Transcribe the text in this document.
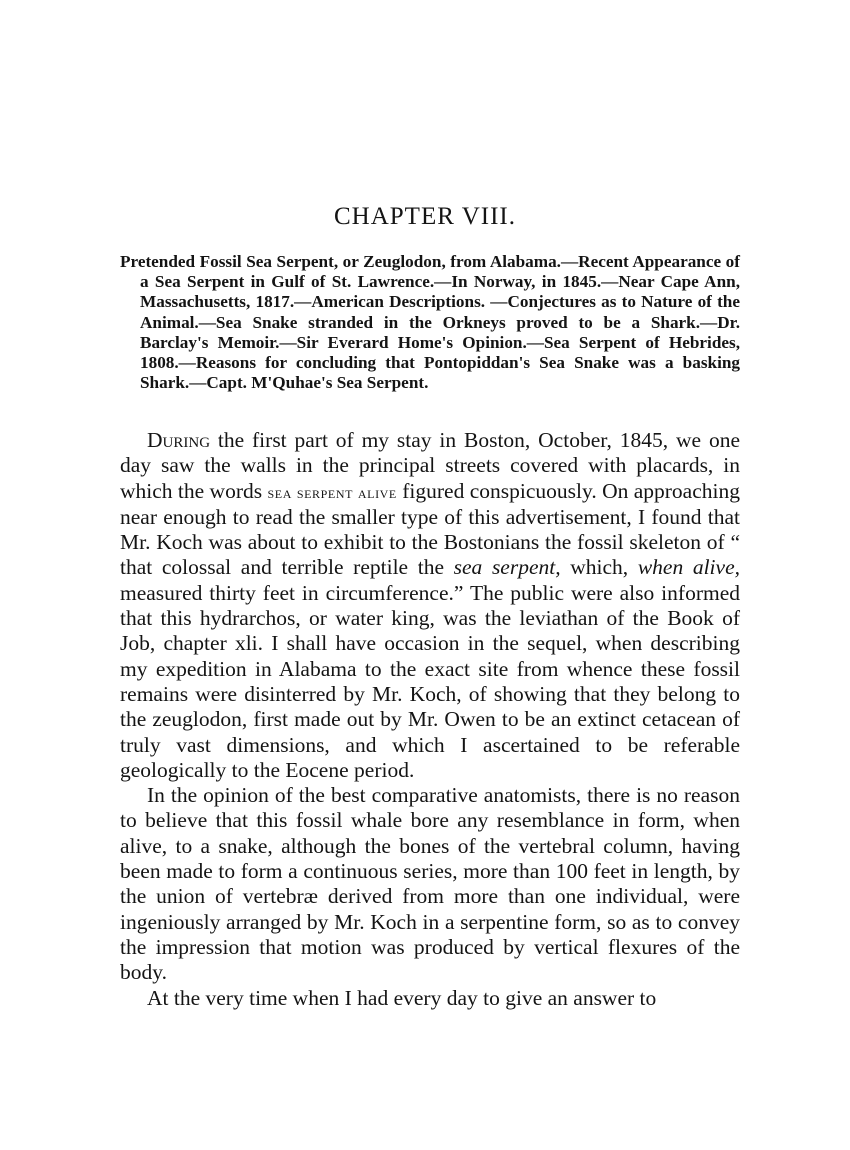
CHAPTER VIII.

Pretended Fossil Sea Serpent, or Zeuglodon, from Alabama.—Recent Appearance of a Sea Serpent in Gulf of St. Lawrence.—In Norway, in 1845.—Near Cape Ann, Massachusetts, 1817.—American Descriptions. —Conjectures as to Nature of the Animal.—Sea Snake stranded in the Orkneys proved to be a Shark.—Dr. Barclay's Memoir.—Sir Everard Home's Opinion.—Sea Serpent of Hebrides, 1808.—Reasons for concluding that Pontopiddan's Sea Snake was a basking Shark.—Capt. M'Quhae's Sea Serpent.

During the first part of my stay in Boston, October, 1845, we one day saw the walls in the principal streets covered with placards, in which the words sea serpent alive figured conspicuously. On approaching near enough to read the smaller type of this advertisement, I found that Mr. Koch was about to exhibit to the Bostonians the fossil skeleton of “ that colossal and terrible reptile the sea serpent, which, when alive, measured thirty feet in circumference.” The public were also informed that this hydrarchos, or water king, was the leviathan of the Book of Job, chapter xli. I shall have occasion in the sequel, when describing my expedition in Alabama to the exact site from whence these fossil remains were disinterred by Mr. Koch, of showing that they belong to the zeuglodon, first made out by Mr. Owen to be an extinct cetacean of truly vast dimensions, and which I ascertained to be referable geologically to the Eocene period.

In the opinion of the best comparative anatomists, there is no reason to believe that this fossil whale bore any resemblance in form, when alive, to a snake, although the bones of the vertebral column, having been made to form a continuous series, more than 100 feet in length, by the union of vertebræ derived from more than one individual, were ingeniously arranged by Mr. Koch in a serpentine form, so as to convey the impression that motion was produced by vertical flexures of the body.

At the very time when I had every day to give an answer to
